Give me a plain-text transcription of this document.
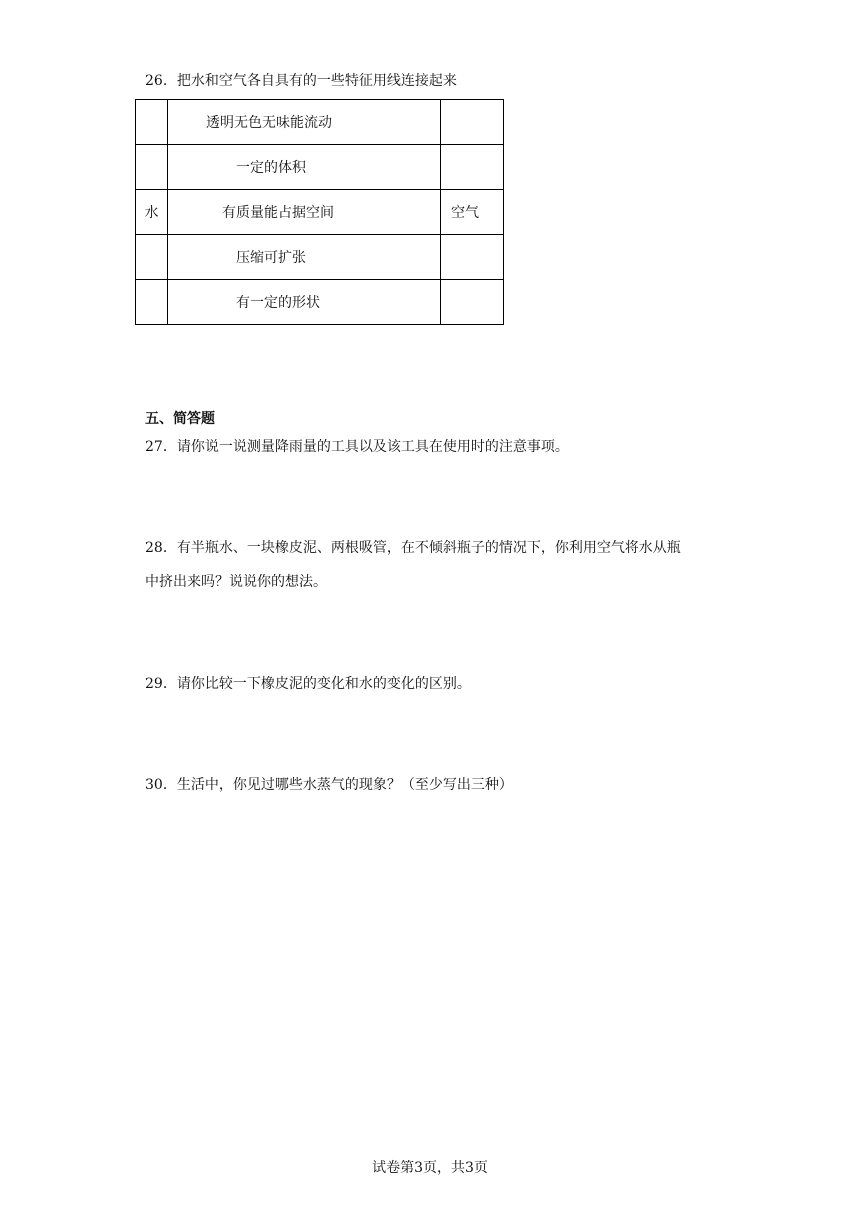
26．把水和空气各自具有的一些特征用线连接起来
	透明无色无味能流动	
	一定的体积	
水	有质量能占据空间	空气
	压缩可扩张	
	有一定的形状	
五、简答题
27．请你说一说测量降雨量的工具以及该工具在使用时的注意事项。
28．有半瓶水、一块橡皮泥、两根吸管，在不倾斜瓶子的情况下，你利用空气将水从瓶
中挤出来吗？说说你的想法。
29．请你比较一下橡皮泥的变化和水的变化的区别。
30．生活中，你见过哪些水蒸气的现象？（至少写出三种）
试卷第3页，共3页
